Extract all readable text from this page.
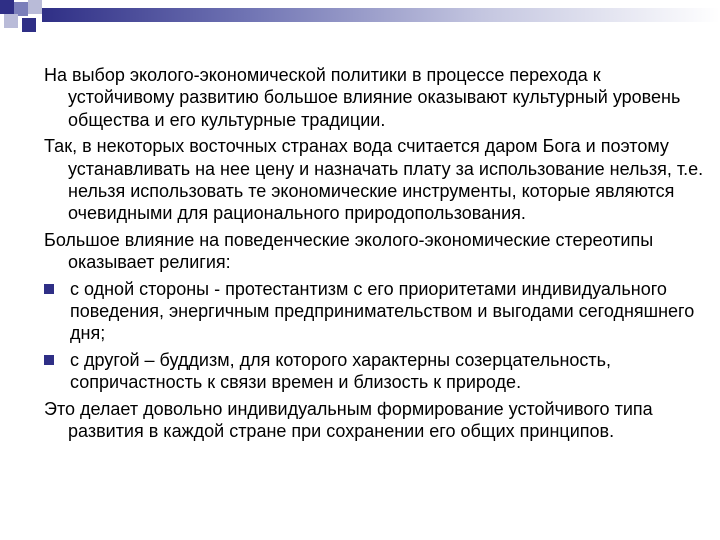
На выбор эколого-экономической политики в процессе перехода к устойчивому развитию большое влияние оказывают культурный уровень общества и его культурные традиции.

Так, в некоторых восточных странах вода считается даром Бога и поэтому устанавливать на нее цену и назначать плату за использование нельзя, т.е. нельзя использовать те экономические инструменты, которые являются очевидными для рационального природопользования.

Большое влияние на поведенческие эколого-экономические стереотипы оказывает религия:

с одной стороны - протестантизм с его приоритетами индивидуального поведения, энергичным предпринимательством и выгодами сегодняшнего дня;
с другой – буддизм, для которого характерны созерцательность, сопричастность к связи времен и близость к природе.

Это делает довольно индивидуальным формирование устойчивого типа развития в каждой стране при сохранении его общих принципов.
